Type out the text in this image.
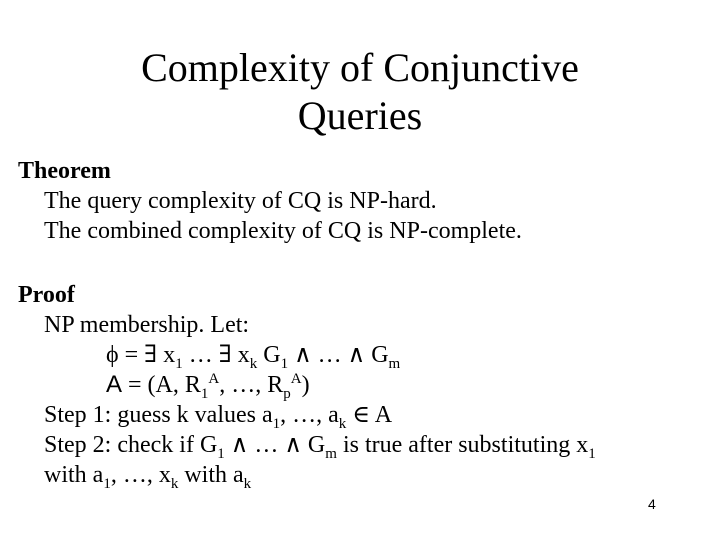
Complexity of Conjunctive
Queries
Theorem
The query complexity of CQ is NP-hard.
The combined complexity of CQ is NP-complete.
Proof
NP membership. Let:
ϕ = ∃ $x_1$ … ∃ $x_k$ $G_1$ ∧ … ∧ $G_m$
A = (A, $R_1^A$, …, $R_p^A$)
Step 1: guess k values $a_1$, …, $a_k$ ∈ A
Step 2: check if $G_1$ ∧ … ∧ $G_m$ is true after substituting $x_1$
with $a_1$, …, $x_k$ with $a_k$
4
